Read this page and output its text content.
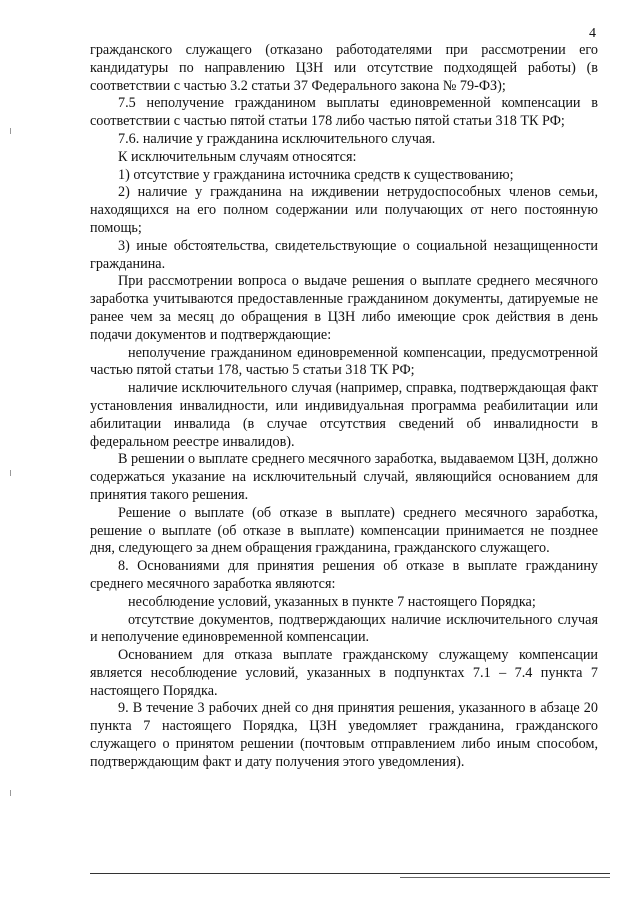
4

гражданского служащего (отказано работодателями при рассмотрении его кандидатуры по направлению ЦЗН или отсутствие подходящей работы) (в соответствии с частью 3.2 статьи 37 Федерального закона № 79-ФЗ);

7.5 неполучение гражданином выплаты единовременной компенсации в соответствии с частью пятой статьи 178 либо частью пятой статьи 318 ТК РФ;

7.6. наличие у гражданина исключительного случая.

К исключительным случаям относятся:

1) отсутствие у гражданина источника средств к существованию;

2) наличие у гражданина на иждивении нетрудоспособных членов семьи, находящихся на его полном содержании или получающих от него постоянную помощь;

3) иные обстоятельства, свидетельствующие о социальной незащищенности гражданина.

При рассмотрении вопроса о выдаче решения о выплате среднего месячного заработка учитываются предоставленные гражданином документы, датируемые не ранее чем за месяц до обращения в ЦЗН либо имеющие срок действия в день подачи документов и подтверждающие:

неполучение гражданином единовременной компенсации, предусмотренной частью пятой статьи 178, частью 5 статьи 318 ТК РФ;

наличие исключительного случая (например, справка, подтверждающая факт установления инвалидности, или индивидуальная программа реабилитации или абилитации инвалида (в случае отсутствия сведений об инвалидности в федеральном реестре инвалидов).

В решении о выплате среднего месячного заработка, выдаваемом ЦЗН, должно содержаться указание на исключительный случай, являющийся основанием для принятия такого решения.

Решение о выплате (об отказе в выплате) среднего месячного заработка, решение о выплате (об отказе в выплате) компенсации принимается не позднее дня, следующего за днем обращения гражданина, гражданского служащего.

8. Основаниями для принятия решения об отказе в выплате гражданину среднего месячного заработка являются:

несоблюдение условий, указанных в пункте 7 настоящего Порядка;

отсутствие документов, подтверждающих наличие исключительного случая и неполучение единовременной компенсации.

Основанием для отказа выплате гражданскому служащему компенсации является несоблюдение условий, указанных в подпунктах 7.1 – 7.4 пункта 7 настоящего Порядка.

9. В течение 3 рабочих дней со дня принятия решения, указанного в абзаце 20 пункта 7 настоящего Порядка, ЦЗН уведомляет гражданина, гражданского служащего о принятом решении (почтовым отправлением либо иным способом, подтверждающим факт и дату получения этого уведомления).
